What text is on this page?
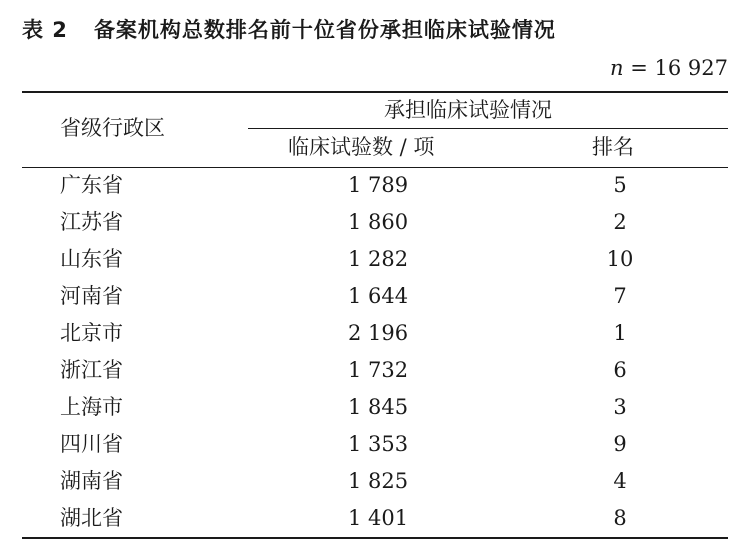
表 2 备案机构总数排名前十位省份承担临床试验情况
n = 16 927
省级行政区
承担临床试验情况
临床试验数 / 项	排名
广东省	1 789	5
江苏省	1 860	2
山东省	1 282	10
河南省	1 644	7
北京市	2 196	1
浙江省	1 732	6
上海市	1 845	3
四川省	1 353	9
湖南省	1 825	4
湖北省	1 401	8
